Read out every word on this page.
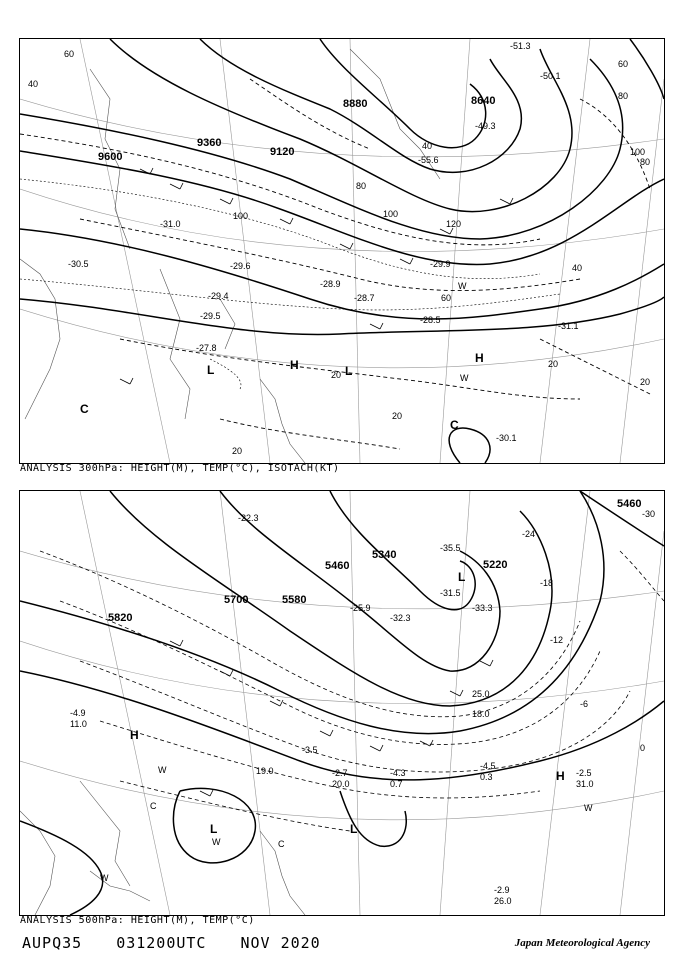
9600
9360
9120
8880	8640
60
40
100
80
120
100
80
60
40
20
20
20
20
60
40
100
80
20
-29.6
-28.9
-29.4	-28.7
-29.5	-28.5
-31.0
-30.5
-27.8
-31.1
-30.1
-29.9
-55.6
-50.1
-49.3
-51.3
L	H	H
L
C
C
W
W
ANALYSIS 300hPa: HEIGHT(M), TEMP(°C), ISOTACH(KT)
5820
5700	5580
5460
5340
5220
5460
-30
-24
-18
-12
-6
0
-4.9
-2.5
-4.5
-2.7	-4.3
-2.9
-3.5
-33.3
-35.5
-31.5
-32.3
-22.3
-25.9
11.0
31.0
0.3
20.0	0.7
26.0
19.0
25.0
18.0
H
H
L	L
L
C
C
W
W
W
W
ANALYSIS 500hPa: HEIGHT(M), TEMP(°C)
AUPQ35 031200UTC NOV 2020	Japan Meteorological Agency
